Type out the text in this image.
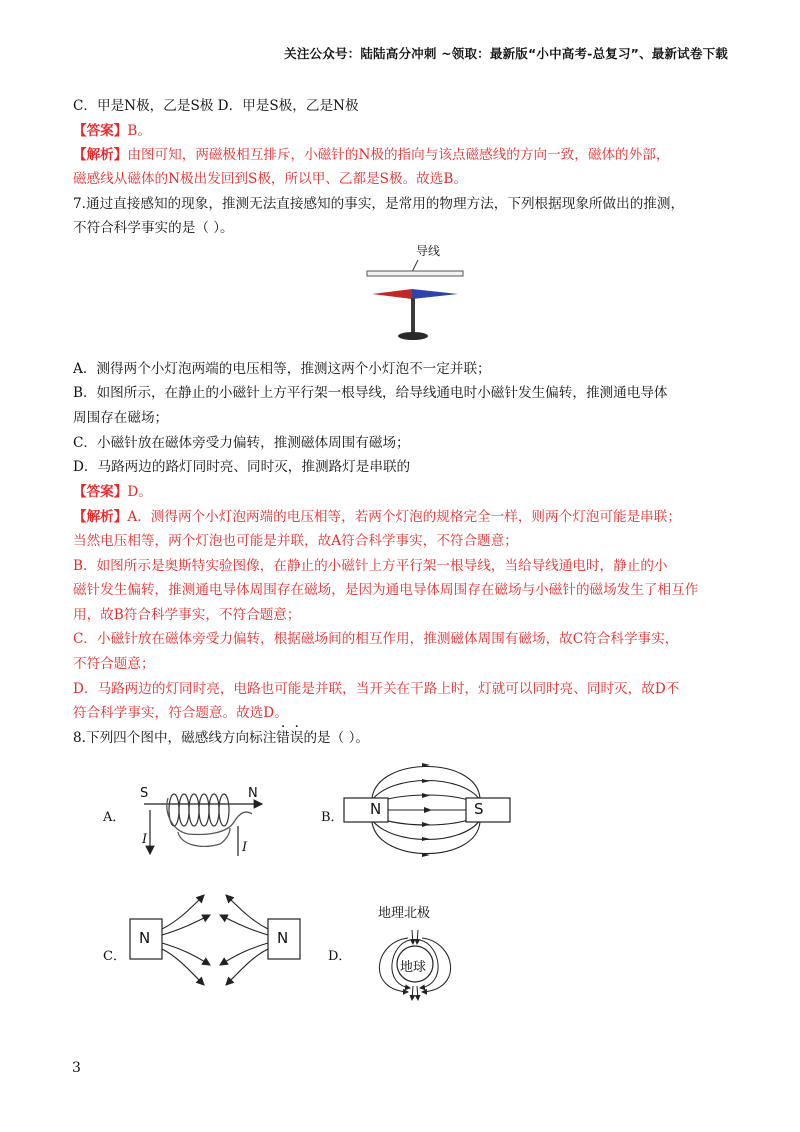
关注公众号：陆陆高分冲刺 ~领取：最新版“小中高考-总复习”、最新试卷下载
C．甲是N极，乙是S极 D．甲是S极，乙是N极
【答案】B。
【解析】由图可知，两磁极相互排斥，小磁针的N极的指向与该点磁感线的方向一致，磁体的外部，
磁感线从磁体的N极出发回到S极，所以甲、乙都是S极。故选B。
7.通过直接感知的现象，推测无法直接感知的事实，是常用的物理方法，下列根据现象所做出的推测，
不符合科学事实的是（ ）。
导线
A．测得两个小灯泡两端的电压相等，推测这两个小灯泡不一定并联；
B．如图所示，在静止的小磁针上方平行架一根导线，给导线通电时小磁针发生偏转，推测通电导体
周围存在磁场；
C．小磁针放在磁体旁受力偏转，推测磁体周围有磁场；
D．马路两边的路灯同时亮、同时灭，推测路灯是串联的
【答案】D。
【解析】A．测得两个小灯泡两端的电压相等，若两个灯泡的规格完全一样，则两个灯泡可能是串联；
当然电压相等，两个灯泡也可能是并联，故A符合科学事实，不符合题意；
B．如图所示是奥斯特实验图像，在静止的小磁针上方平行架一根导线，当给导线通电时，静止的小
磁针发生偏转，推测通电导体周围存在磁场，是因为通电导体周围存在磁场与小磁针的磁场发生了相互作
用，故B符合科学事实，不符合题意；
C．小磁针放在磁体旁受力偏转，根据磁场间的相互作用，推测磁体周围有磁场，故C符合科学事实，
不符合题意；
D．马路两边的灯同时亮，电路也可能是并联，当开关在干路上时，灯就可以同时亮、同时灭，故D不
符合科学事实，符合题意。故选D。
8.下列四个图中，磁感线方向标注错误的是（ ）。
A．
S	N
I
I
B． N	S
C．
N	N
D．
地理北极
地球
3
